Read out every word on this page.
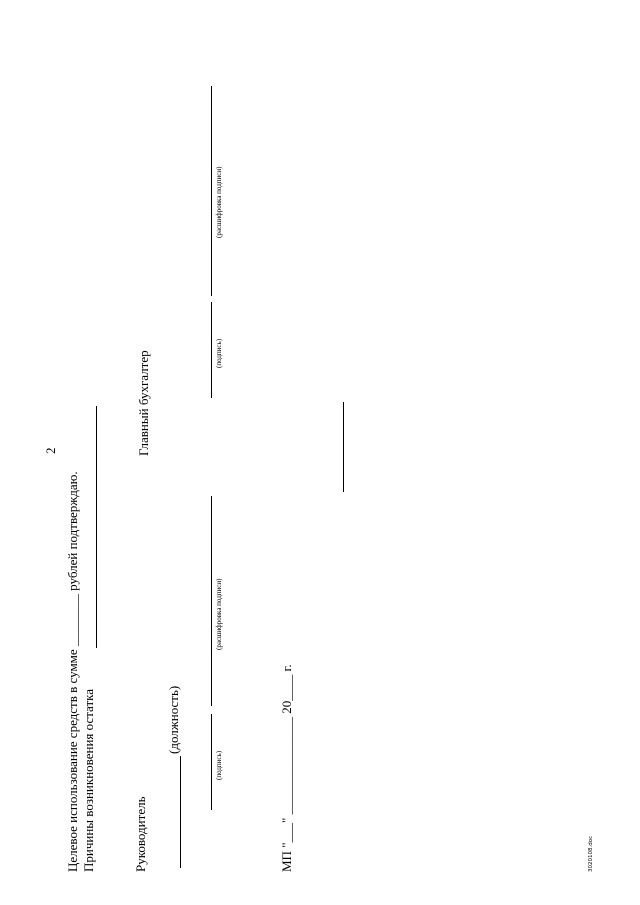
2
Целевое использование средств в сумме ________ рублей подтверждаю. Причины возникновения остатка	Руководитель
(должность)
(подпись)
(расшифровка подписи)
Главный бухгалтер	(подпись)
(расшифровка подписи)
МП "___" _______________ 20____ г.	3020108.doc
